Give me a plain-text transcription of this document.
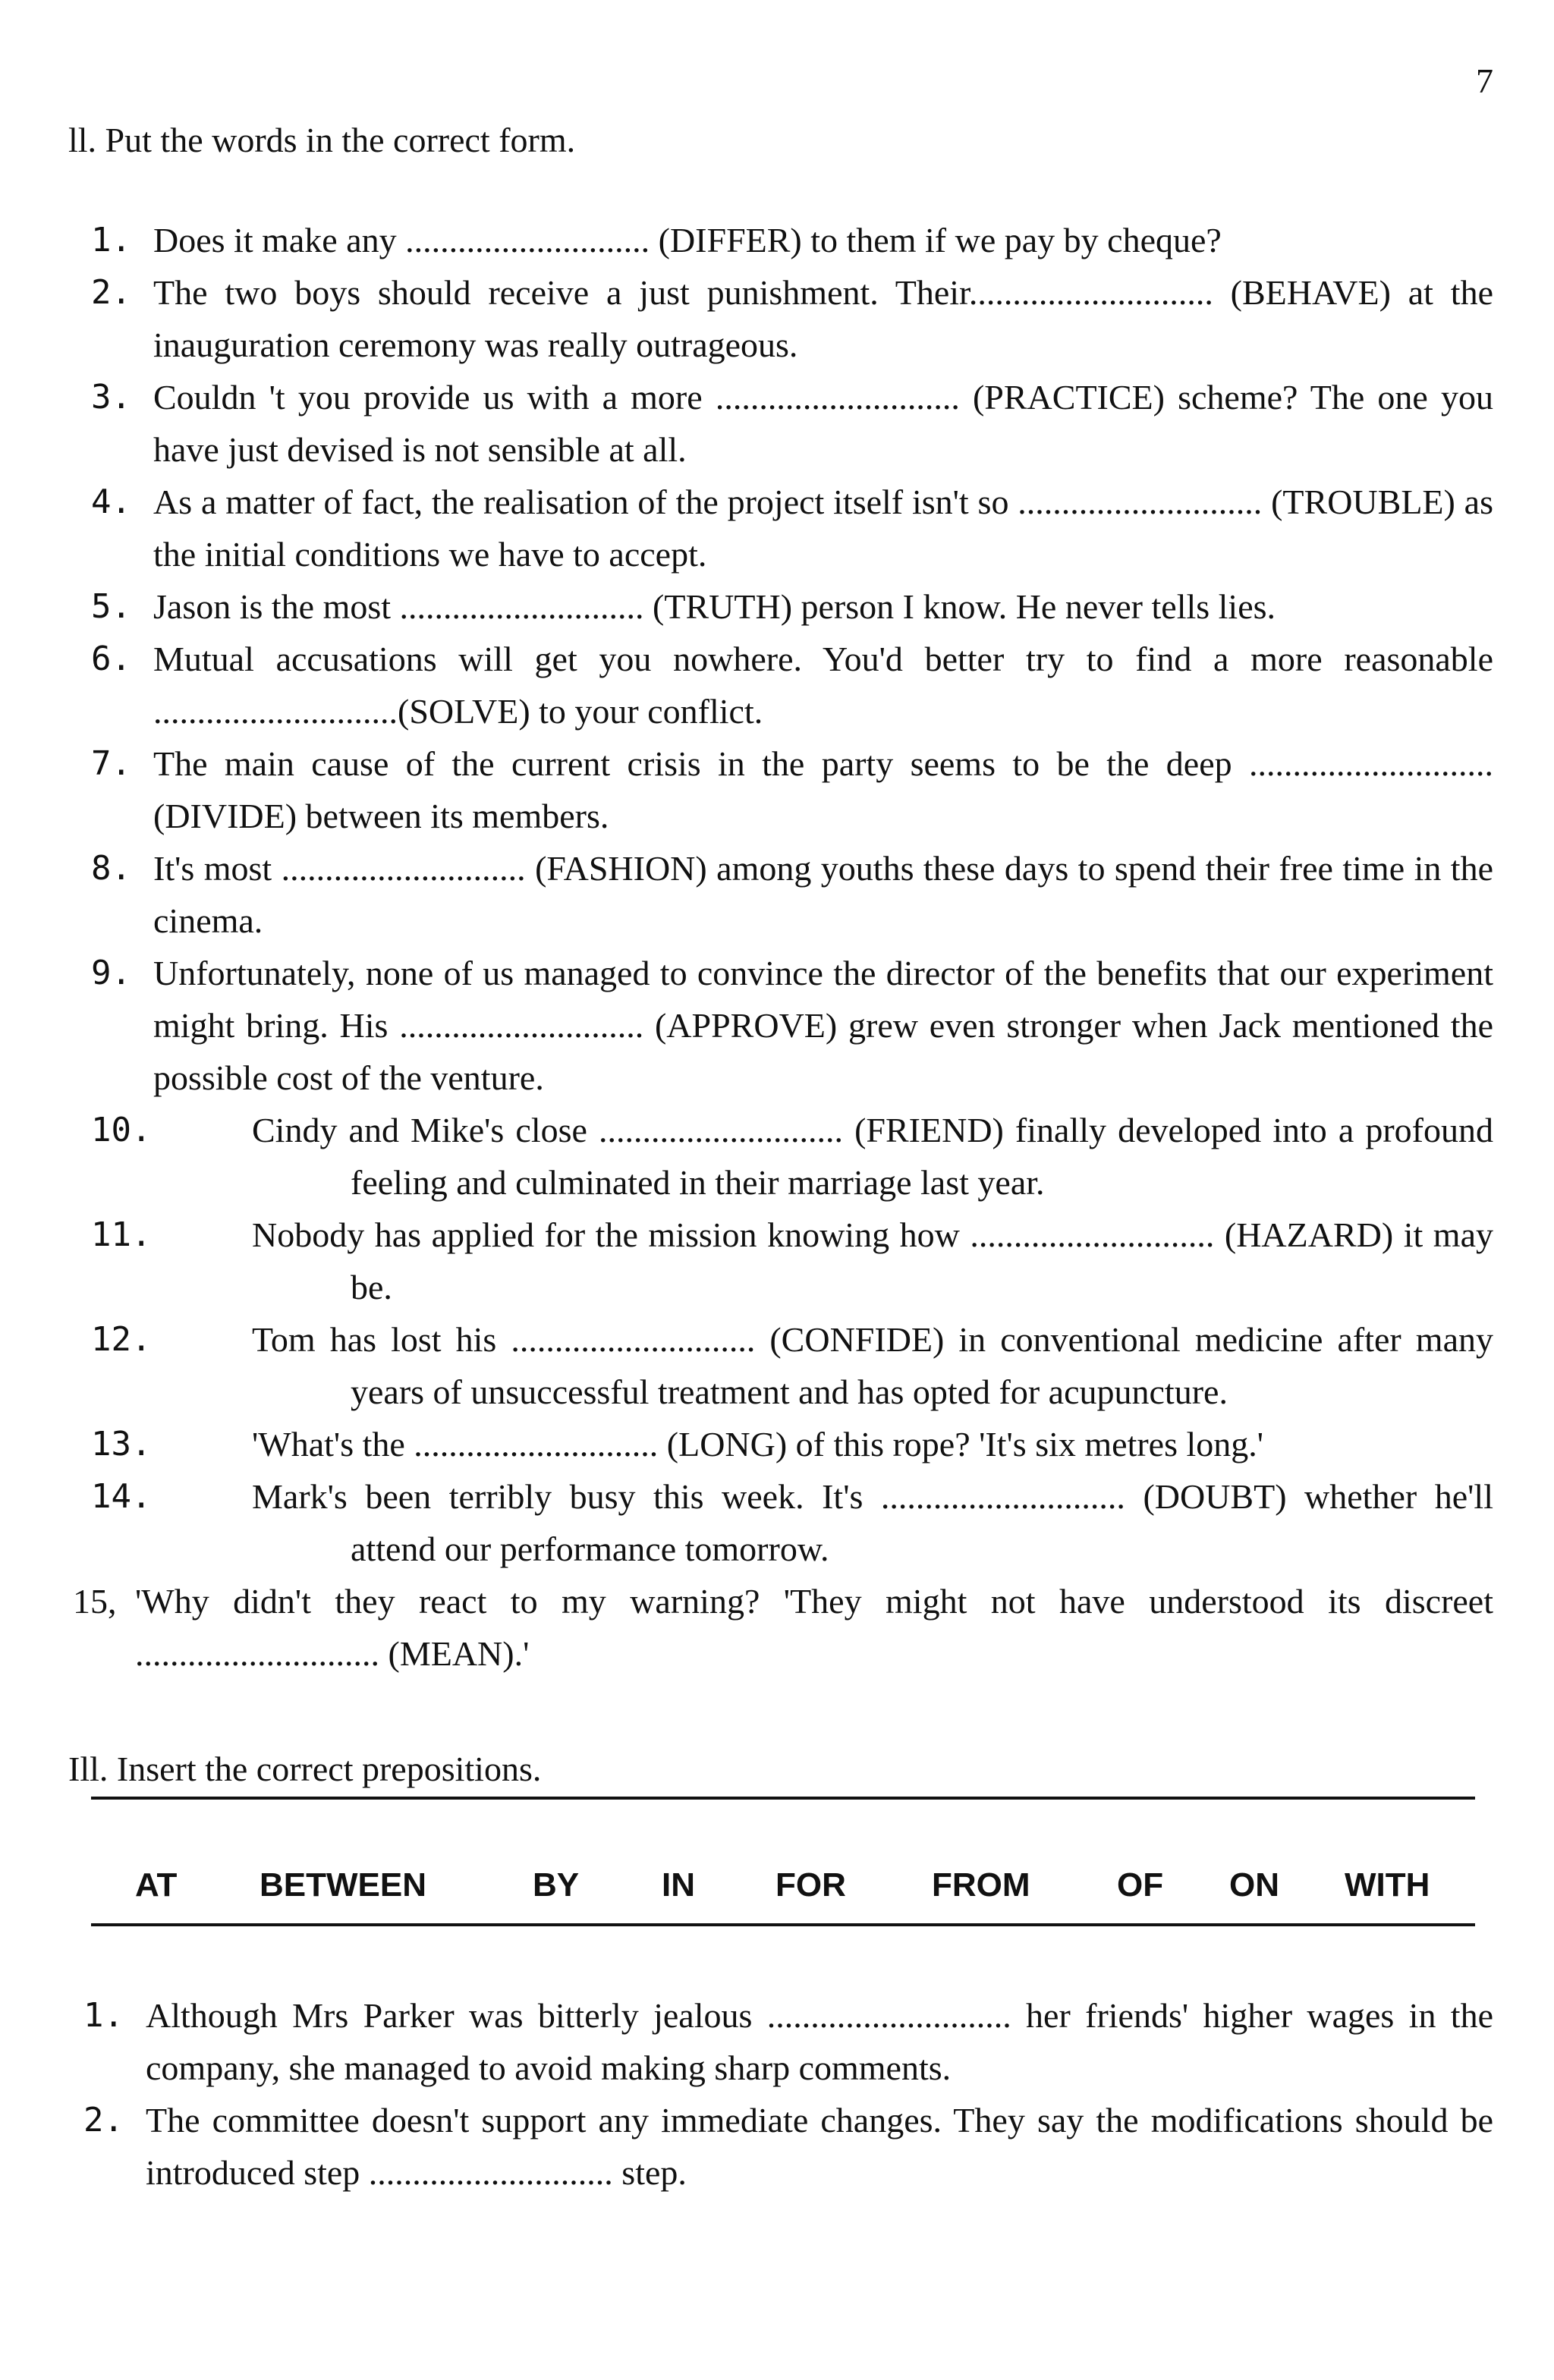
7
ll. Put the words in the correct form.
1. Does it make any ............................ (DIFFER) to them if we pay by cheque?
2. The two boys should receive a just punishment. Their............................ (BEHAVE) at the inauguration ceremony was really outrageous.
3. Couldn 't you provide us with a more ............................ (PRACTICE) scheme? The one you have just devised is not sensible at all.
4. As a matter of fact, the realisation of the project itself isn't so ............................ (TROUBLE) as the initial conditions we have to accept.
5. Jason is the most ............................ (TRUTH) person I know. He never tells lies.
6. Mutual accusations will get you nowhere. You'd better try to find a more reasonable ............................(SOLVE) to your conflict.
7. The main cause of the current crisis in the party seems to be the deep ............................(DIVIDE) between its members.
8. It's most ............................ (FASHION) among youths these days to spend their free time in the cinema.
9. Unfortunately, none of us managed to convince the director of the benefits that our experiment might bring. His ............................ (APPROVE) grew even stronger when Jack mentioned the possible cost of the venture.
10.	Cindy and Mike's close ............................ (FRIEND) finally developed into a profound feeling and culminated in their marriage last year.
11.	Nobody has applied for the mission knowing how ............................ (HAZARD) it may be.
12.	Tom has lost his ............................ (CONFIDE) in conventional medicine after many years of unsuccessful treatment and has opted for acupuncture.
13.	'What's the ............................ (LONG) of this rope? 'It's six metres long.'
14.	Mark's been terribly busy this week. It's ............................ (DOUBT) whether he'll attend our performance tomorrow.
15, 'Why didn't they react to my warning? 'They might not have understood its discreet ............................ (MEAN).'
Ill. Insert the correct prepositions.
AT BETWEEN	BY IN FOR	FROM	OF ON WITH
1. Although Mrs Parker was bitterly jealous ............................ her friends' higher wages in the company, she managed to avoid making sharp comments.
2. The committee doesn't support any immediate changes. They say the modifications should be introduced step ............................ step.
